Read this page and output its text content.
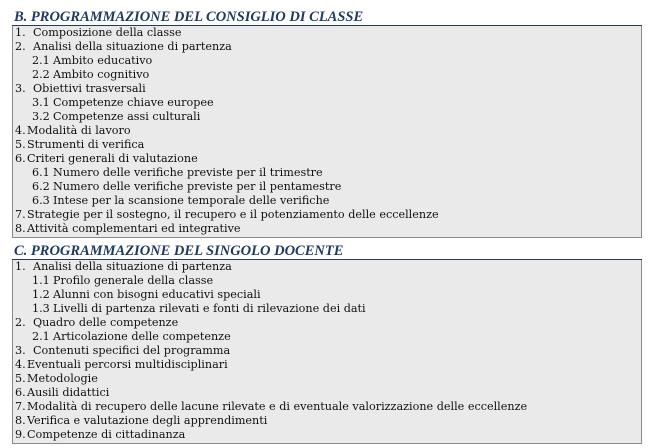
B. PROGRAMMAZIONE DEL CONSIGLIO DI CLASSE
1. Composizione della classe
2. Analisi della situazione di partenza
2.1 Ambito educativo
2.2 Ambito cognitivo
3. Obiettivi trasversali
3.1 Competenze chiave europee
3.2 Competenze assi culturali
4.Modalità di lavoro
5.Strumenti di verifica
6.Criteri generali di valutazione
6.1 Numero delle verifiche previste per il trimestre
6.2 Numero delle verifiche previste per il pentamestre
6.3 Intese per la scansione temporale delle verifiche
7.Strategie per il sostegno, il recupero e il potenziamento delle eccellenze
8.Attività complementari ed integrative
C. PROGRAMMAZIONE DEL SINGOLO DOCENTE
1. Analisi della situazione di partenza
1.1 Profilo generale della classe
1.2 Alunni con bisogni educativi speciali
1.3 Livelli di partenza rilevati e fonti di rilevazione dei dati
2. Quadro delle competenze
2.1 Articolazione delle competenze
3. Contenuti specifici del programma
4.Eventuali percorsi multidisciplinari
5.Metodologie
6.Ausili didattici
7.Modalità di recupero delle lacune rilevate e di eventuale valorizzazione delle eccellenze
8.Verifica e valutazione degli apprendimenti
9.Competenze di cittadinanza
